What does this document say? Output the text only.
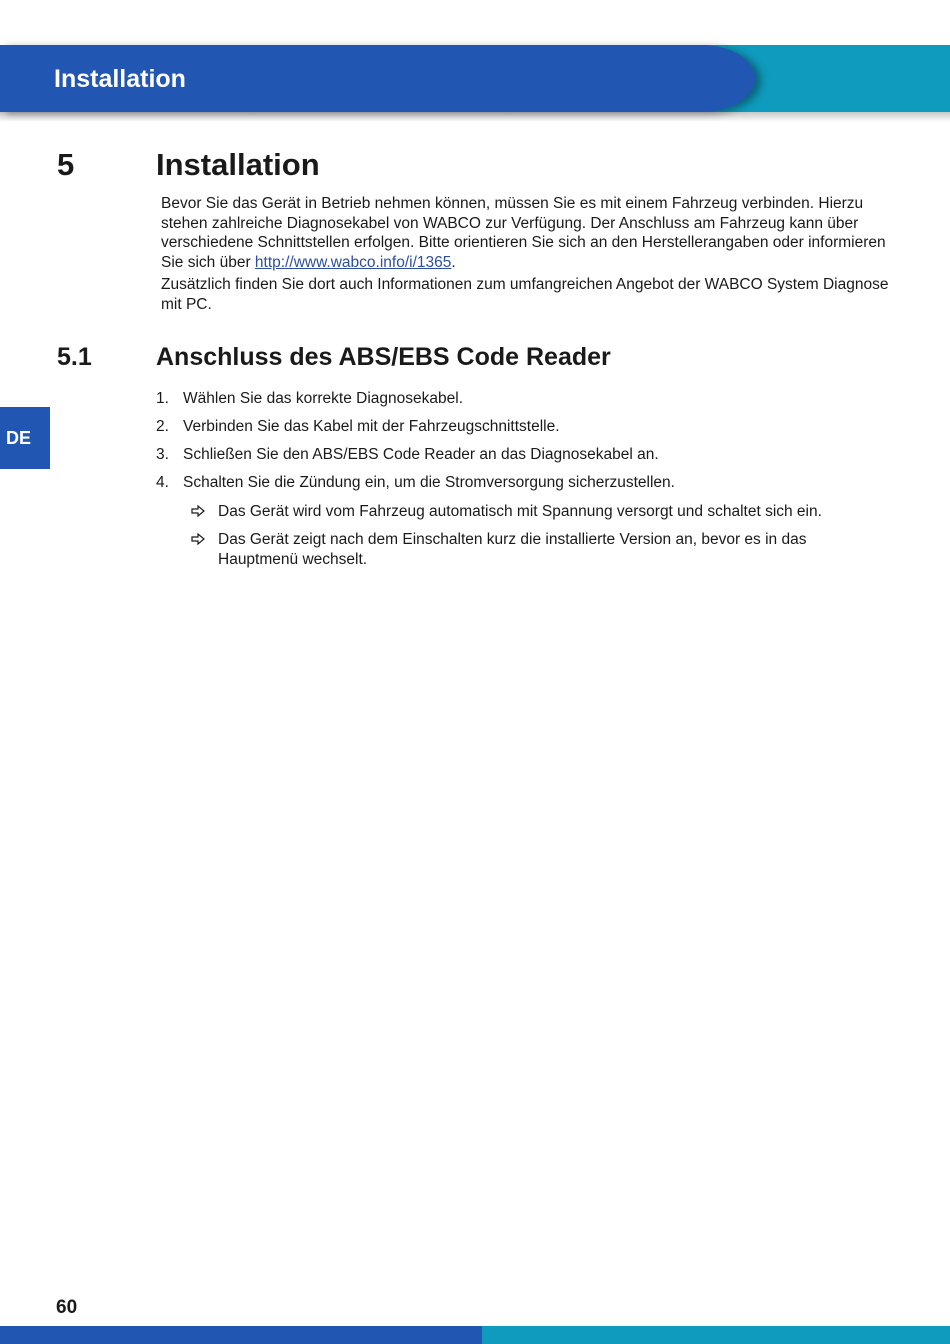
Installation
DE
5	Installation

Bevor Sie das Gerät in Betrieb nehmen können, müssen Sie es mit einem Fahrzeug verbinden. Hierzu stehen zahlreiche Diagnosekabel von WABCO zur Verfügung. Der Anschluss am Fahrzeug kann über verschiedene Schnittstellen erfolgen. Bitte orientieren Sie sich an den Herstellerangaben oder informieren Sie sich über http://www.wabco.info/i/1365.

Zusätzlich finden Sie dort auch Informationen zum umfangreichen Angebot der WABCO System Diagnose mit PC.

5.1	Anschluss des ABS/EBS Code Reader
1. Wählen Sie das korrekte Diagnosekabel.
2. Verbinden Sie das Kabel mit der Fahrzeugschnittstelle.
3. Schließen Sie den ABS/EBS Code Reader an das Diagnosekabel an.
4. Schalten Sie die Zündung ein, um die Stromversorgung sicherzustellen.
Das Gerät wird vom Fahrzeug automatisch mit Spannung versorgt und schaltet sich ein.
Das Gerät zeigt nach dem Einschalten kurz die installierte Version an, bevor es in das Hauptmenü wechselt.
60
